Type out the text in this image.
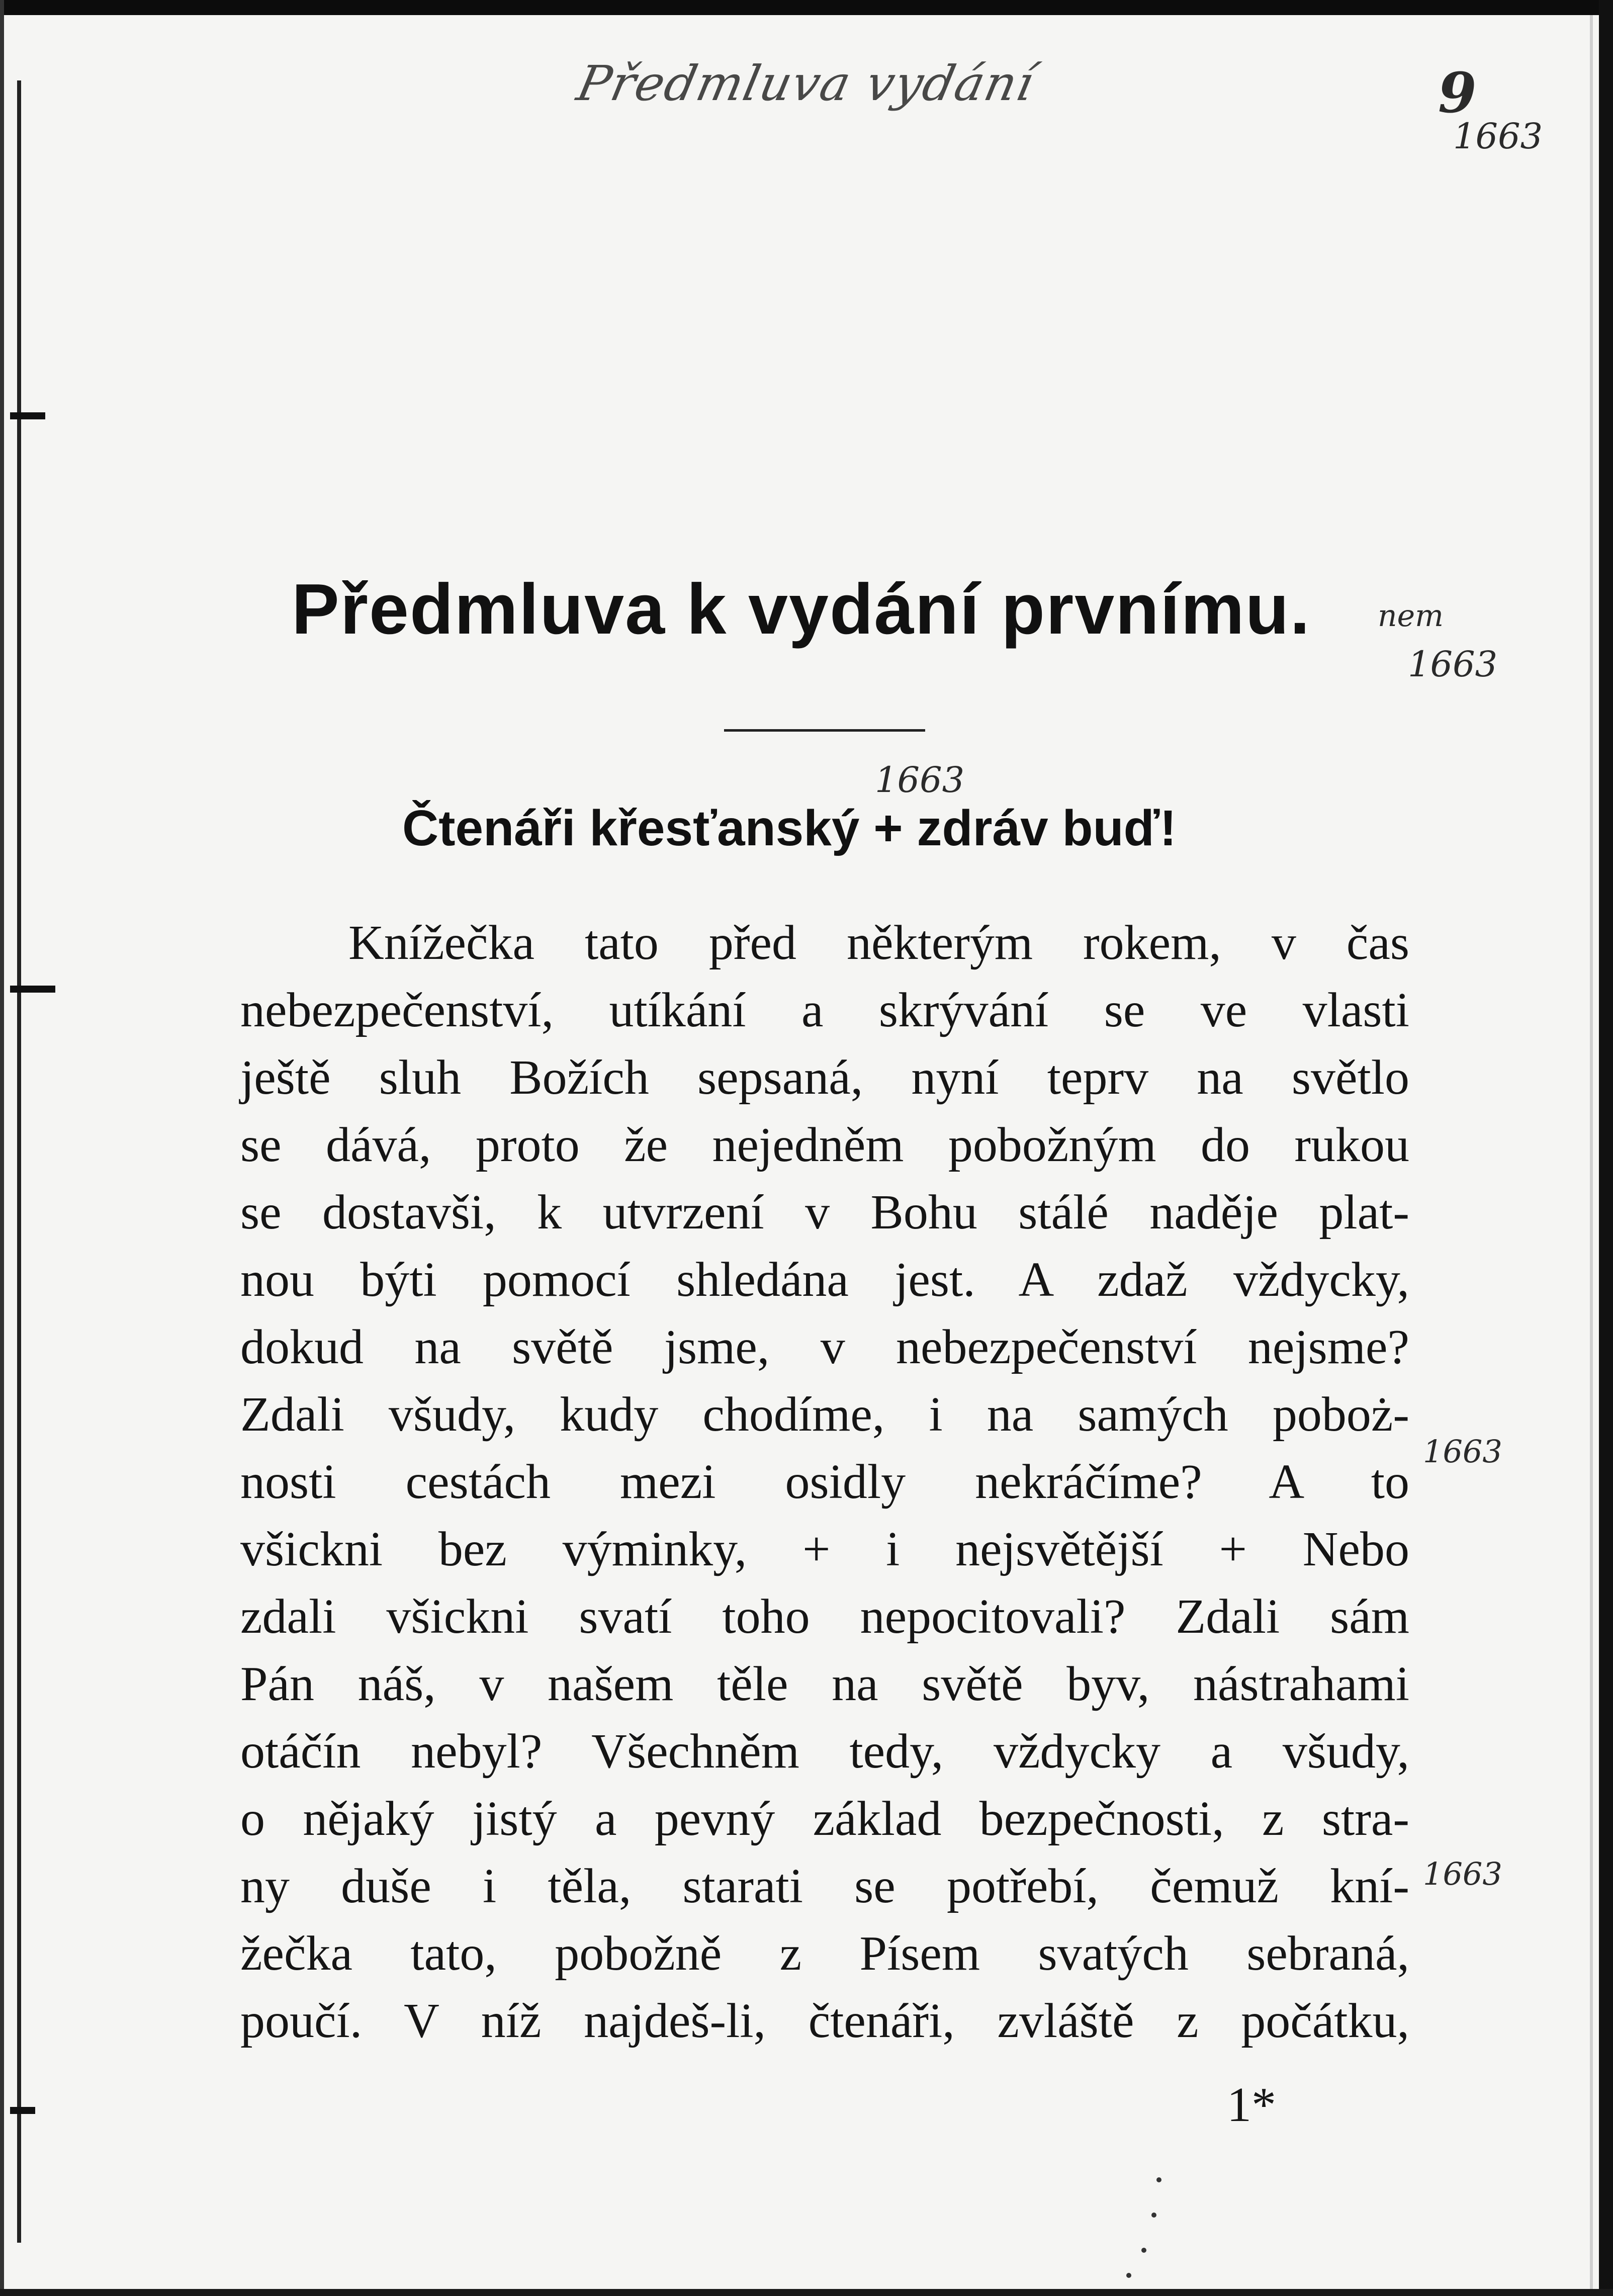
Předmluva vydání	9
1663
Předmluva k vydání prvnímu.	nem
1663
1663
Čtenáři křesťanský + zdráv buď!
Knížečka tato před některým rokem, v čas
nebezpečenství, utíkání a skrývání se ve vlasti
ještě sluh Božích sepsaná, nyní teprv na světlo
se dává, proto že nejedněm pobožným do rukou
se dostavši, k utvrzení v Bohu stálé naděje plat-
nou býti pomocí shledána jest. A zdaž vždycky,
dokud na světě jsme, v nebezpečenství nejsme?
Zdali všudy, kudy chodíme, i na samých poboż-
nosti cestách mezi osidly nekráčíme? A to
všickni bez výminky, + i nejsvětější + Nebo
zdali všickni svatí toho nepocitovali? Zdali sám
Pán náš, v našem těle na světě byv, nástrahami
otáčín nebyl? Všechněm tedy, vždycky a všudy,
o nějaký jistý a pevný základ bezpečnosti, z stra-
ny duše i těla, starati se potřebí, čemuž kní-
žečka tato, pobožně z Písem svatých sebraná,
poučí. V níž najdeš-li, čtenáři, zvláště z počátku,
1663
1663
1*
